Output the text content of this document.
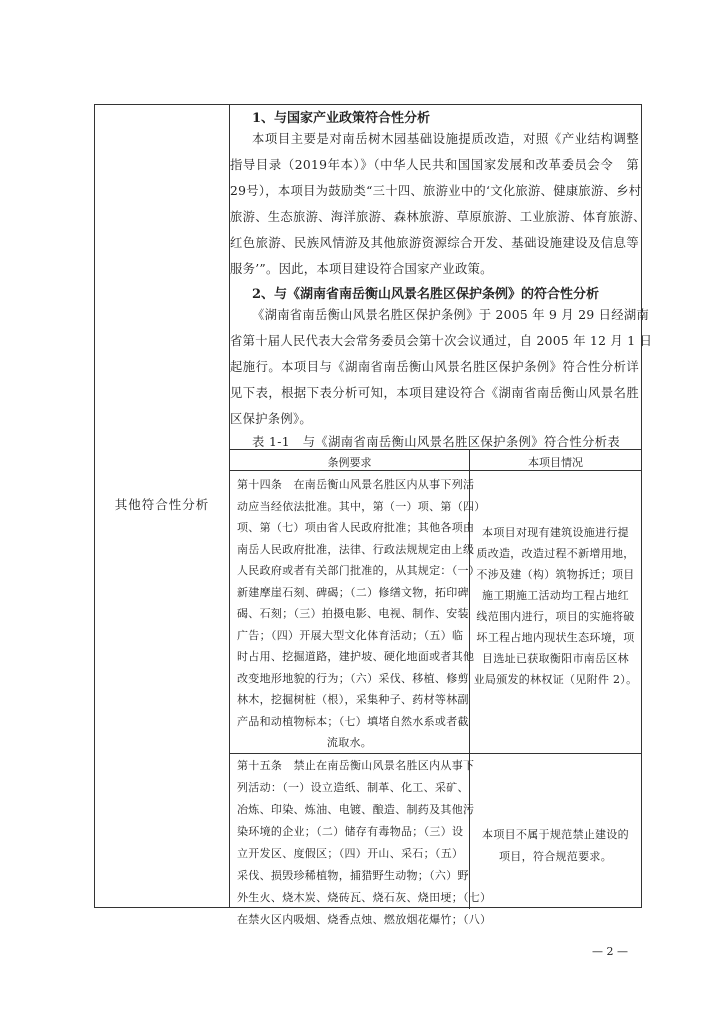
其他符合性分析
1、与国家产业政策符合性分析
本项目主要是对南岳树木园基础设施提质改造，对照《产业结构调整
指导目录（2019年本）》（中华人民共和国国家发展和改革委员会令　第
29号），本项目为鼓励类“三十四、旅游业中的‘文化旅游、健康旅游、乡村
旅游、生态旅游、海洋旅游、森林旅游、草原旅游、工业旅游、体育旅游、
红色旅游、民族风情游及其他旅游资源综合开发、基础设施建设及信息等
服务’”。因此，本项目建设符合国家产业政策。
2、与《湖南省南岳衡山风景名胜区保护条例》的符合性分析
《湖南省南岳衡山风景名胜区保护条例》于 2005 年 9 月 29 日经湖南
省第十届人民代表大会常务委员会第十次会议通过，自 2005 年 12 月 1 日
起施行。本项目与《湖南省南岳衡山风景名胜区保护条例》符合性分析详
见下表，根据下表分析可知，本项目建设符合《湖南省南岳衡山风景名胜
区保护条例》。
表 1-1　与《湖南省南岳衡山风景名胜区保护条例》符合性分析表
条例要求	本项目情况
第十四条　在南岳衡山风景名胜区内从事下列活
动应当经依法批准。其中，第（一）项、第（四）
项、第（七）项由省人民政府批准；其他各项由
南岳人民政府批准，法律、行政法规规定由上级
人民政府或者有关部门批准的，从其规定：（一）
新建摩崖石刻、碑碣；（二）修缮文物，拓印碑
碣、石刻；（三）拍摄电影、电视、制作、安装
广告；（四）开展大型文化体育活动；（五）临
时占用、挖掘道路，建护坡、硬化地面或者其他
改变地形地貌的行为；（六）采伐、移植、修剪
林木，挖掘树桩（根），采集种子、药材等林副
产品和动植物标本；（七）填堵自然水系或者截
流取水。
本项目对现有建筑设施进行提
质改造，改造过程不新增用地，
不涉及建（构）筑物拆迁；项目
施工期施工活动均工程占地红
线范围内进行，项目的实施将破
坏工程占地内现状生态环境，项
目选址已获取衡阳市南岳区林
业局颁发的林权证（见附件 2）。
第十五条　禁止在南岳衡山风景名胜区内从事下
列活动：（一）设立造纸、制革、化工、采矿、
冶炼、印染、炼油、电镀、酿造、制药及其他污
染环境的企业；（二）储存有毒物品；（三）设
立开发区、度假区；（四）开山、采石；（五）
采伐、损毁珍稀植物，捕猎野生动物；（六）野
外生火、烧木炭、烧砖瓦、烧石灰、烧田埂；（七）
在禁火区内吸烟、烧香点烛、燃放烟花爆竹；（八）
本项目不属于规范禁止建设的
项目，符合规范要求。
— 2 —
